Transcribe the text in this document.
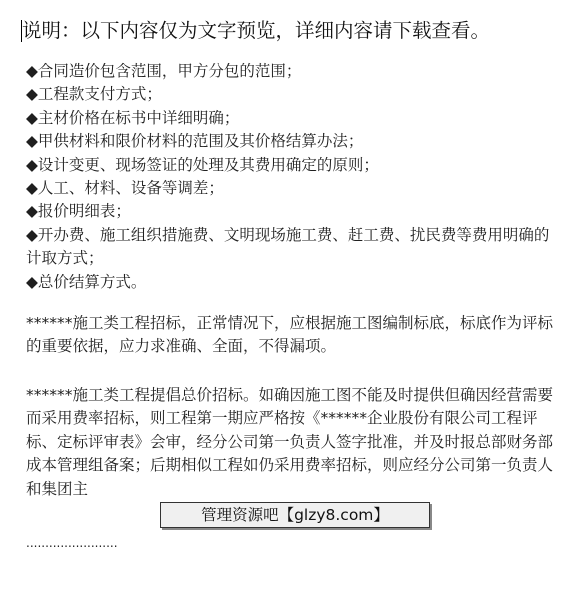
说明：以下内容仅为文字预览，详细内容请下载查看。
◆合同造价包含范围，甲方分包的范围；
◆工程款支付方式；
◆主材价格在标书中详细明确；
◆甲供材料和限价材料的范围及其价格结算办法；
◆设计变更、现场签证的处理及其费用确定的原则；
◆人工、材料、设备等调差；
◆报价明细表；
◆开办费、施工组织措施费、文明现场施工费、赶工费、扰民费等费用明确的计取方式；
◆总价结算方式。
******施工类工程招标，正常情况下，应根据施工图编制标底，标底作为评标的重要依据，应力求准确、全面，不得漏项。
******施工类工程提倡总价招标。如确因施工图不能及时提供但确因经营需要而采用费率招标，则工程第一期应严格按《******企业股份有限公司工程评标、定标评审表》会审，经分公司第一负责人签字批准，并及时报总部财务部成本管理组备案；后期相似工程如仍采用费率招标，则应经分公司第一负责人和集团主
管理资源吧【glzy8.com】
........................
